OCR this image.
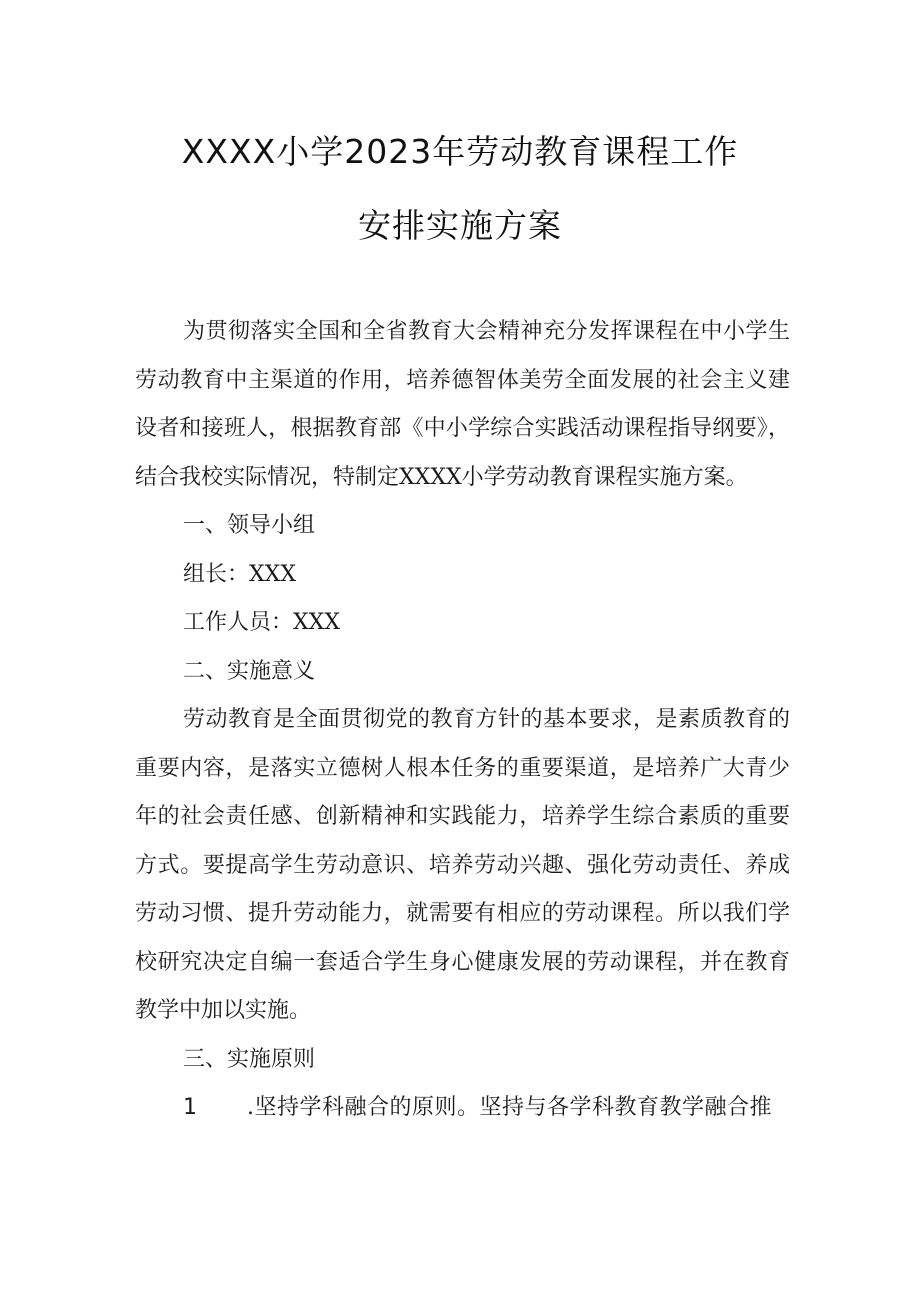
XXXX小学2023年劳动教育课程工作
安排实施方案

为贯彻落实全国和全省教育大会精神充分发挥课程在中小学生劳动教育中主渠道的作用，培养德智体美劳全面发展的社会主义建设者和接班人，根据教育部《中小学综合实践活动课程指导纲要》，结合我校实际情况，特制定XXXX小学劳动教育课程实施方案。

一、领导小组

组长：XXX

工作人员：XXX

二、实施意义

劳动教育是全面贯彻党的教育方针的基本要求，是素质教育的重要内容，是落实立德树人根本任务的重要渠道，是培养广大青少年的社会责任感、创新精神和实践能力，培养学生综合素质的重要方式。要提高学生劳动意识、培养劳动兴趣、强化劳动责任、养成劳动习惯、提升劳动能力，就需要有相应的劳动课程。所以我们学校研究决定自编一套适合学生身心健康发展的劳动课程，并在教育教学中加以实施。

三、实施原则

1	.坚持学科融合的原则。坚持与各学科教育教学融合推
